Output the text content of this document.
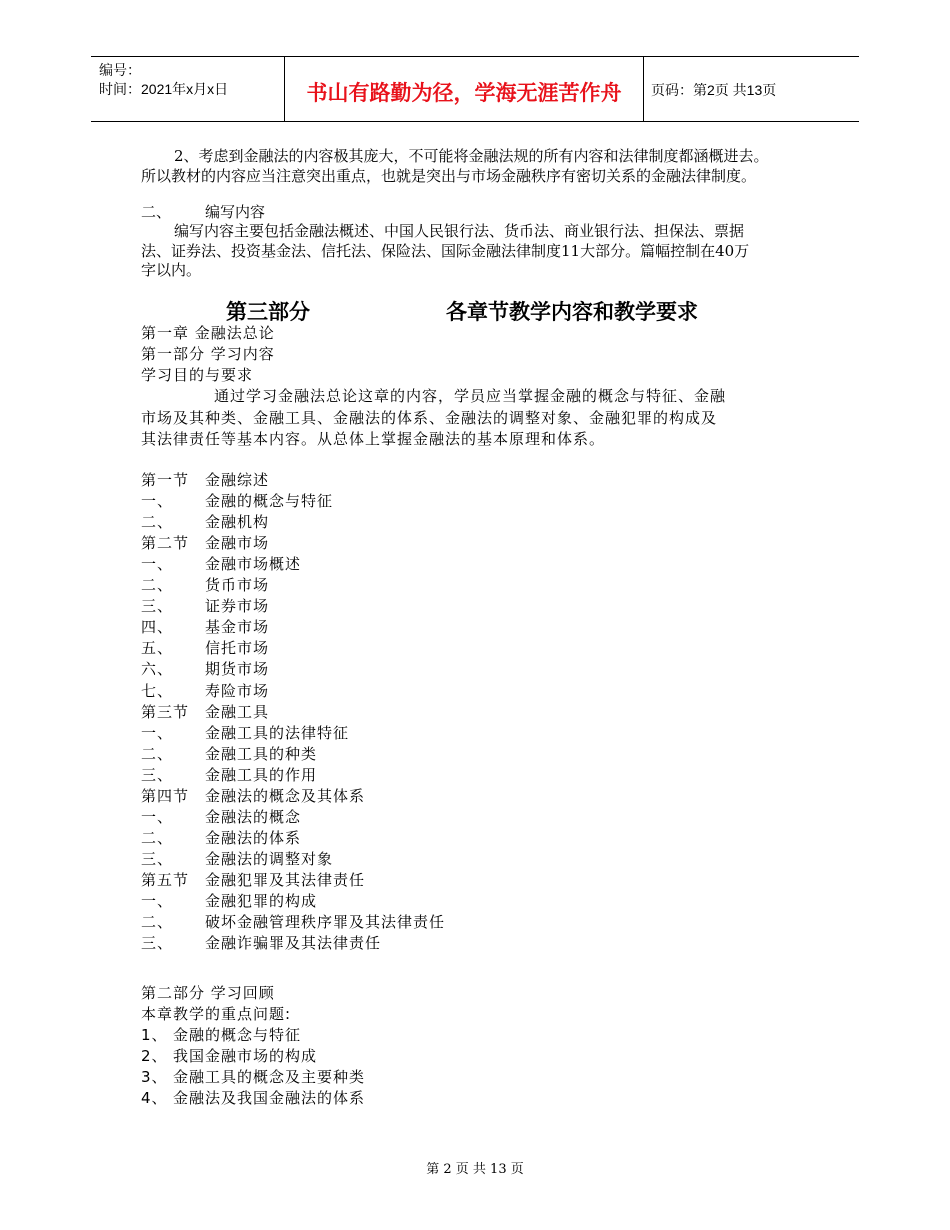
编号：
时间：2021年x月x日	书山有路勤为径，学海无涯苦作舟	页码：第2页 共13页
2、考虑到金融法的内容极其庞大，不可能将金融法规的所有内容和法律制度都涵概进去。
所以教材的内容应当注意突出重点，也就是突出与市场金融秩序有密切关系的金融法律制度。
二、 编写内容
编写内容主要包括金融法概述、中国人民银行法、货币法、商业银行法、担保法、票据
法、证券法、投资基金法、信托法、保险法、国际金融法律制度11大部分。篇幅控制在40万
字以内。
第三部分	各章节教学内容和教学要求
第一章 金融法总论
第一部分 学习内容
学习目的与要求
通过学习金融法总论这章的内容，学员应当掌握金融的概念与特征、金融
市场及其种类、金融工具、金融法的体系、金融法的调整对象、金融犯罪的构成及
其法律责任等基本内容。从总体上掌握金融法的基本原理和体系。
第一节 金融综述
一、 金融的概念与特征
二、 金融机构
第二节 金融市场
一、 金融市场概述
二、 货币市场
三、 证券市场
四、 基金市场
五、 信托市场
六、 期货市场
七、 寿险市场
第三节 金融工具
一、 金融工具的法律特征
二、 金融工具的种类
三、 金融工具的作用
第四节 金融法的概念及其体系
一、 金融法的概念
二、 金融法的体系
三、 金融法的调整对象
第五节 金融犯罪及其法律责任
一、 金融犯罪的构成
二、 破坏金融管理秩序罪及其法律责任
三、 金融诈骗罪及其法律责任
第二部分 学习回顾
本章教学的重点问题:
1、 金融的概念与特征
2、 我国金融市场的构成
3、 金融工具的概念及主要种类
4、 金融法及我国金融法的体系
第 2 页 共 13 页
